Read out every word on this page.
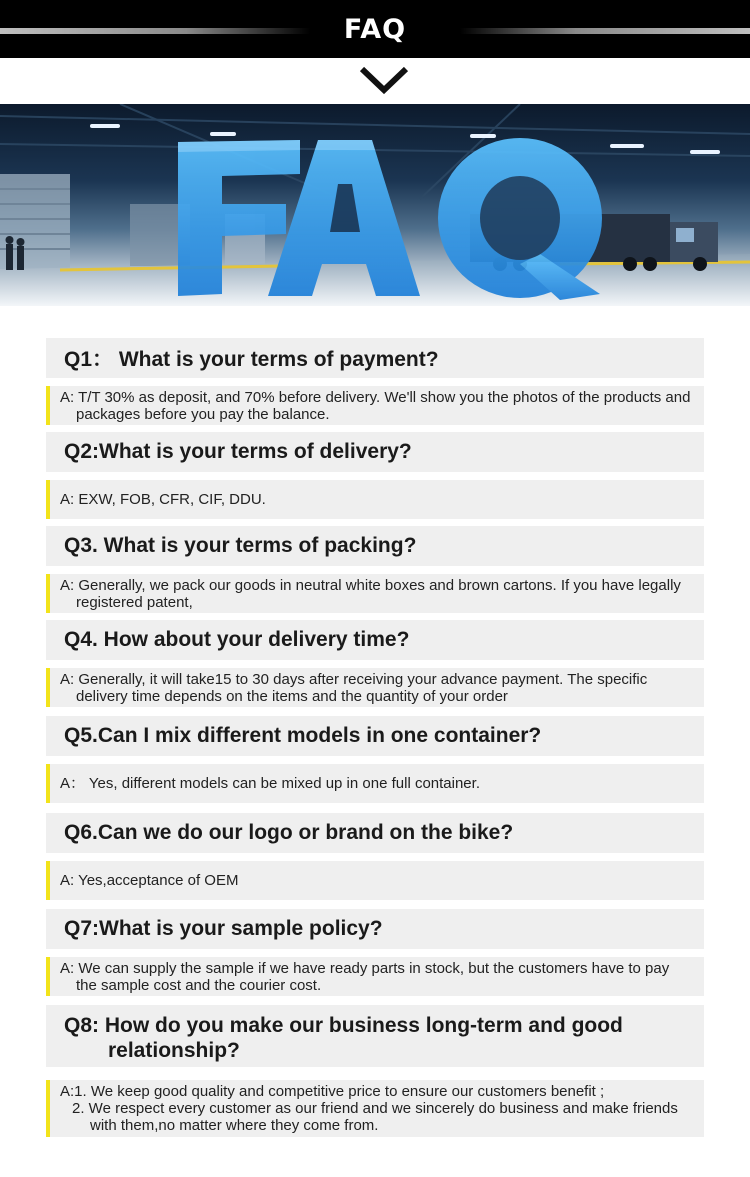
FAQ
Q1： What is your terms of payment?
A: T/T 30% as deposit, and 70% before delivery. We'll show you the photos of the products and packages before you pay the balance.
Q2:What is your terms of delivery?
A: EXW, FOB, CFR, CIF, DDU.
Q3. What is your terms of packing?
A: Generally, we pack our goods in neutral white boxes and brown cartons. If you have legally registered patent,
Q4. How about your delivery time?
A: Generally, it will take15 to 30 days after receiving your advance payment. The specific delivery time depends on the items and the quantity of your order
Q5.Can I mix different models in one container?
A： Yes, different models can be mixed up in one full container.
Q6.Can we do our logo or brand on the bike?
A: Yes,acceptance of OEM
Q7:What is your sample policy?
A: We can supply the sample if we have ready parts in stock, but the customers have to pay the sample cost and the courier cost.
Q8: How do you make our business long-term and good relationship?
A:1. We keep good quality and competitive price to ensure our customers benefit ;
2. We respect every customer as our friend and we sincerely do business and make friends with them,no matter where they come from.
